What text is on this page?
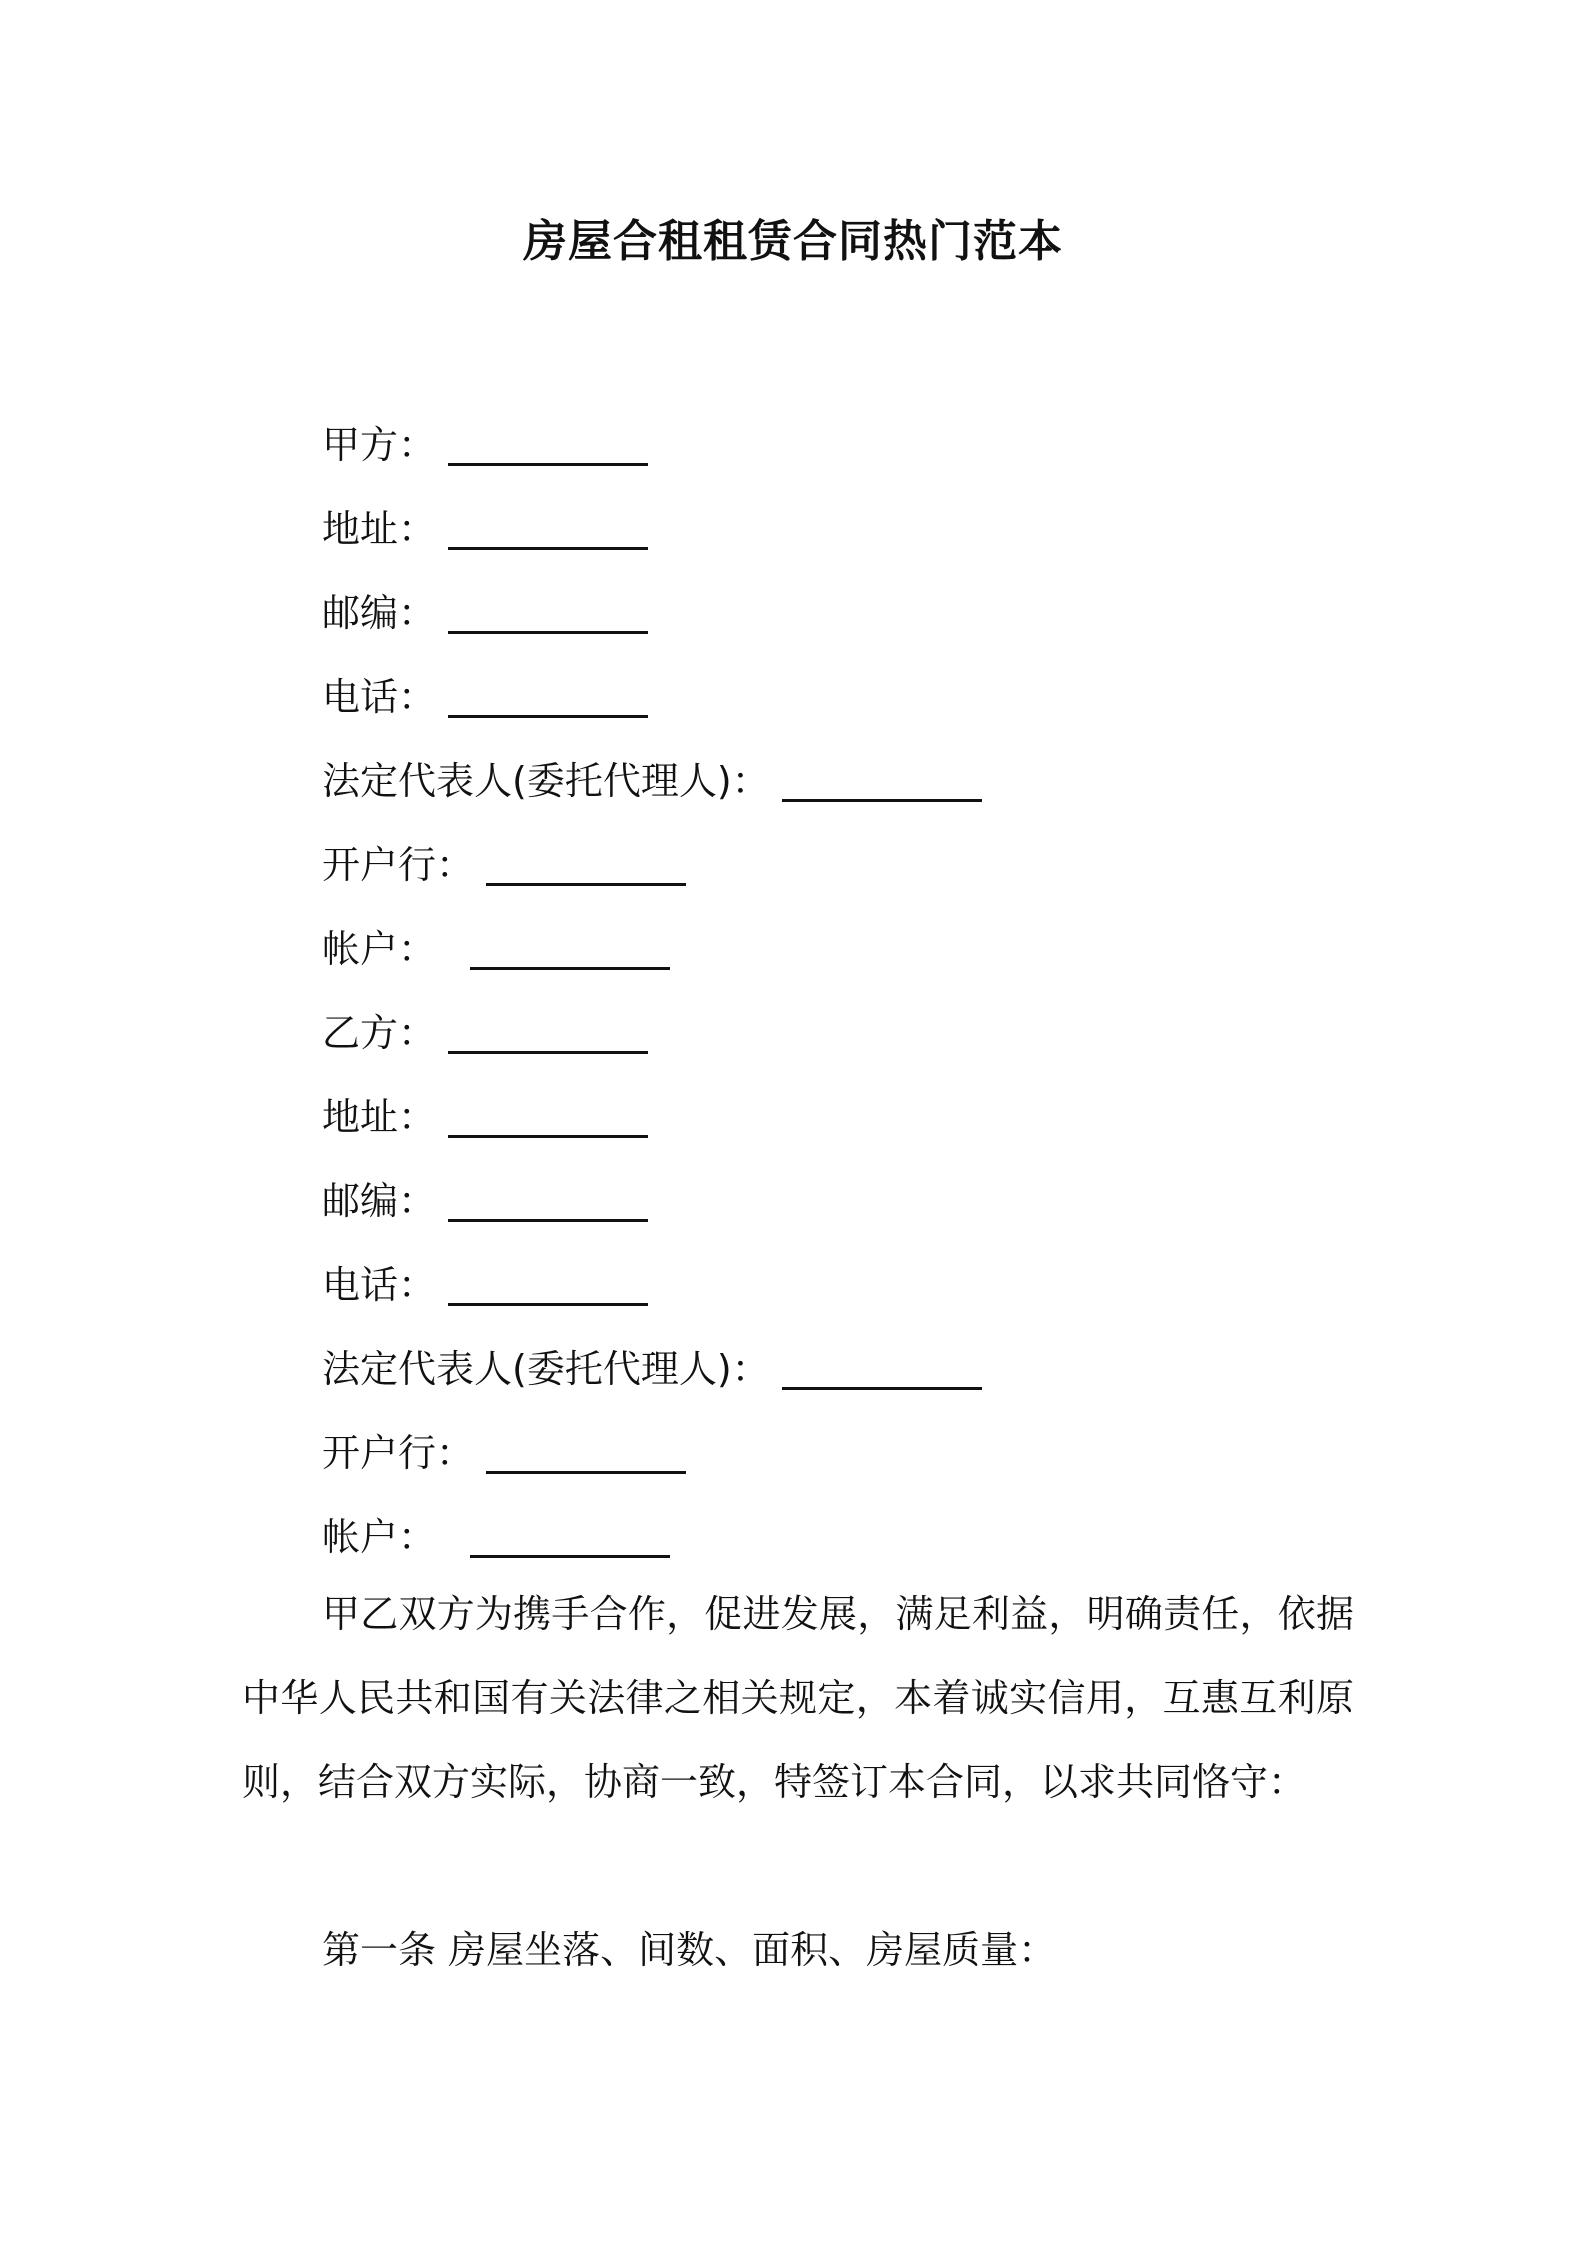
房屋合租租赁合同热门范本
甲方：
地址：
邮编：
电话：
法定代表人(委托代理人)：
开户行：
帐户：
乙方：
地址：
邮编：
电话：
法定代表人(委托代理人)：
开户行：
帐户：

甲乙双方为携手合作，促进发展，满足利益，明确责任，依据中华人民共和国有关法律之相关规定，本着诚实信用，互惠互利原则，结合双方实际，协商一致，特签订本合同，以求共同恪守：

第一条 房屋坐落、间数、面积、房屋质量：
